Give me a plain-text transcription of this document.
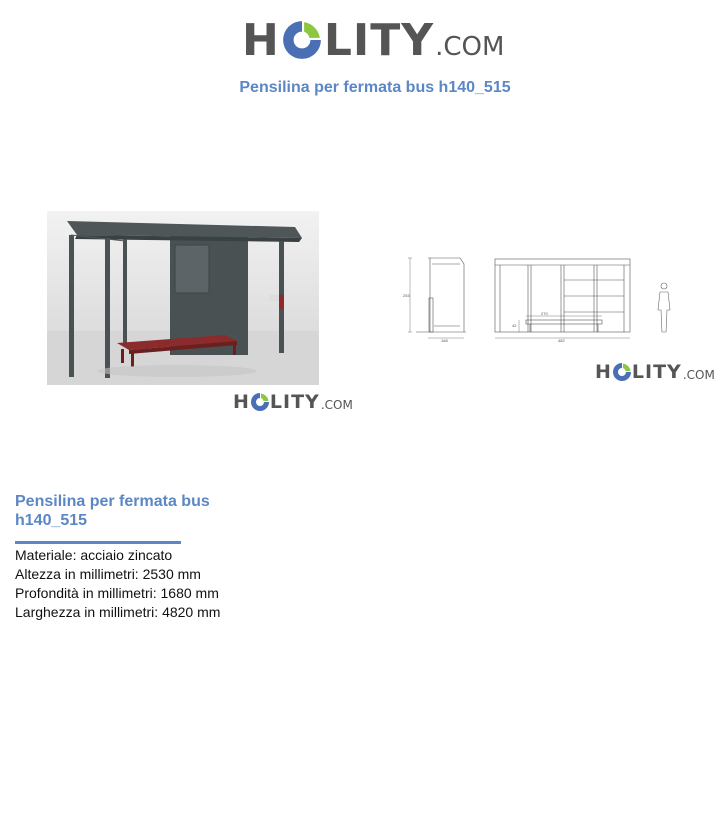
H LITY .COM
Pensilina per fermata bus h140_515
253
168
270
42
482
H LITY .COM
H LITY .COM
Pensilina per fermata bus h140_515
Materiale: acciaio zincato
Altezza in millimetri: 2530 mm
Profondità in millimetri: 1680 mm
Larghezza in millimetri: 4820 mm
